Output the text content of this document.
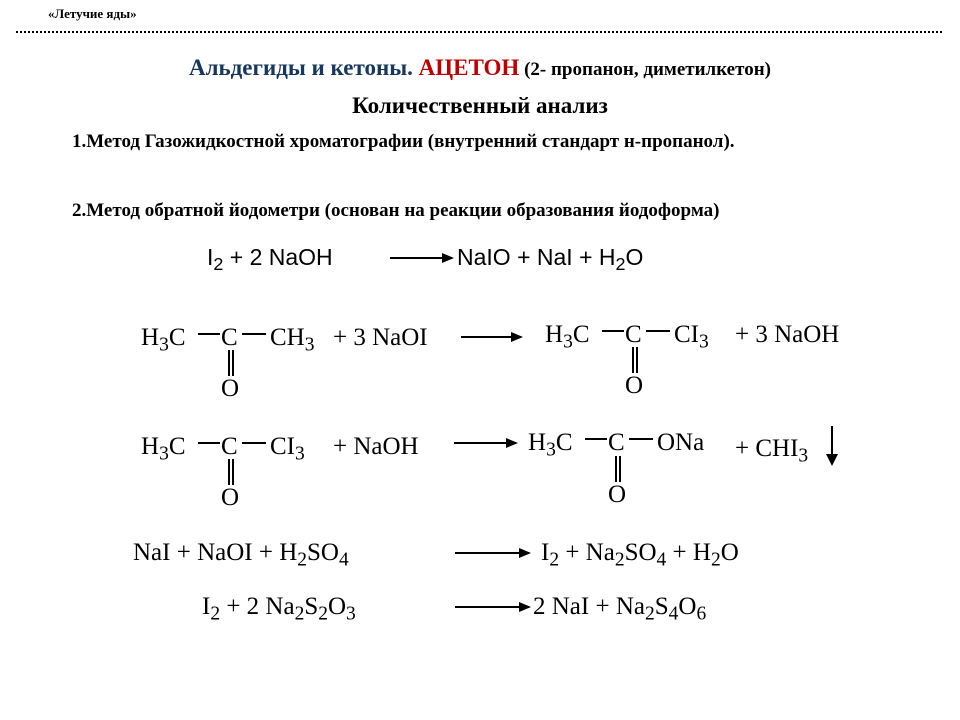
«Летучие яды»
Альдегиды и кетоны. АЦЕТОН (2- пропанон, диметилкетон)
Количественный анализ
1.Метод Газожидкостной хроматографии (внутренний стандарт н-пропанол).
2.Метод обратной йодометри (основан на реакции образования йодоформа)
$I_2 + 2$ NaOH	NaIO + NaI + $H_2O$
$H_3C$ C $CH_3$
O
+ 3 NaOI	$H_3C$ C $CI_3$
O
+ 3 NaOH
$H_3C$ C $CI_3$
O
+ NaOH	$H_3C$ C ONa
O
+ $CHI_3$
NaI + NaOI + $H_2SO_4$	$I_2 + Na_2SO_4 + H_2O$
$I_2 + 2$ $Na_2S_2O_3$	2 NaI + $Na_2S_4O_6$
